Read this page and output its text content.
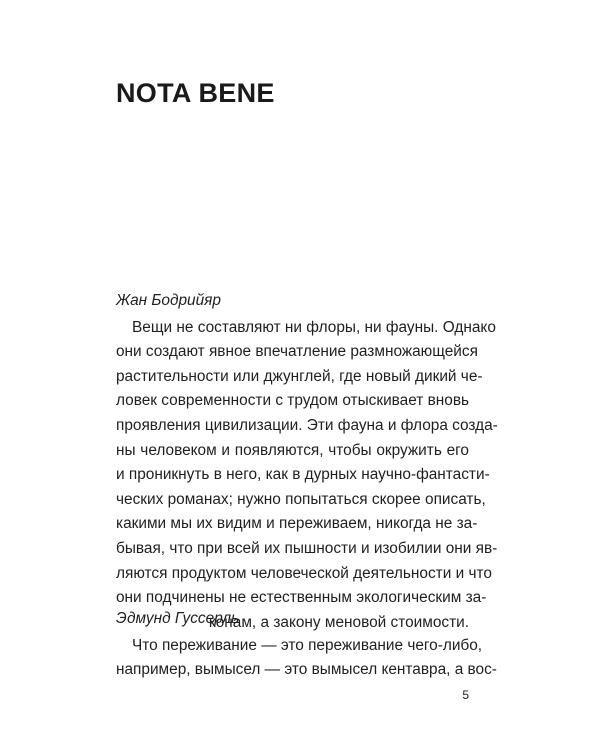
NOTA BENE

Жан Бодрийяр

Вещи не составляют ни флоры, ни фауны. Однако
они создают явное впечатление размножающейся
растительности или джунглей, где новый дикий че-
ловек современности с трудом отыскивает вновь
проявления цивилизации. Эти фауна и флора созда-
ны человеком и появляются, чтобы окружить его
и проникнуть в него, как в дурных научно-фантасти-
ческих романах; нужно попытаться скорее описать,
какими мы их видим и переживаем, никогда не за-
бывая, что при всей их пышности и изобилии они яв-
ляются продуктом человеческой деятельности и что
они подчинены не естественным экологическим за-
конам, а закону меновой стоимости.

Эдмунд Гуссерль

Что переживание — это переживание чего-либо,
например, вымысел — это вымысел кентавра, а вос-
5
